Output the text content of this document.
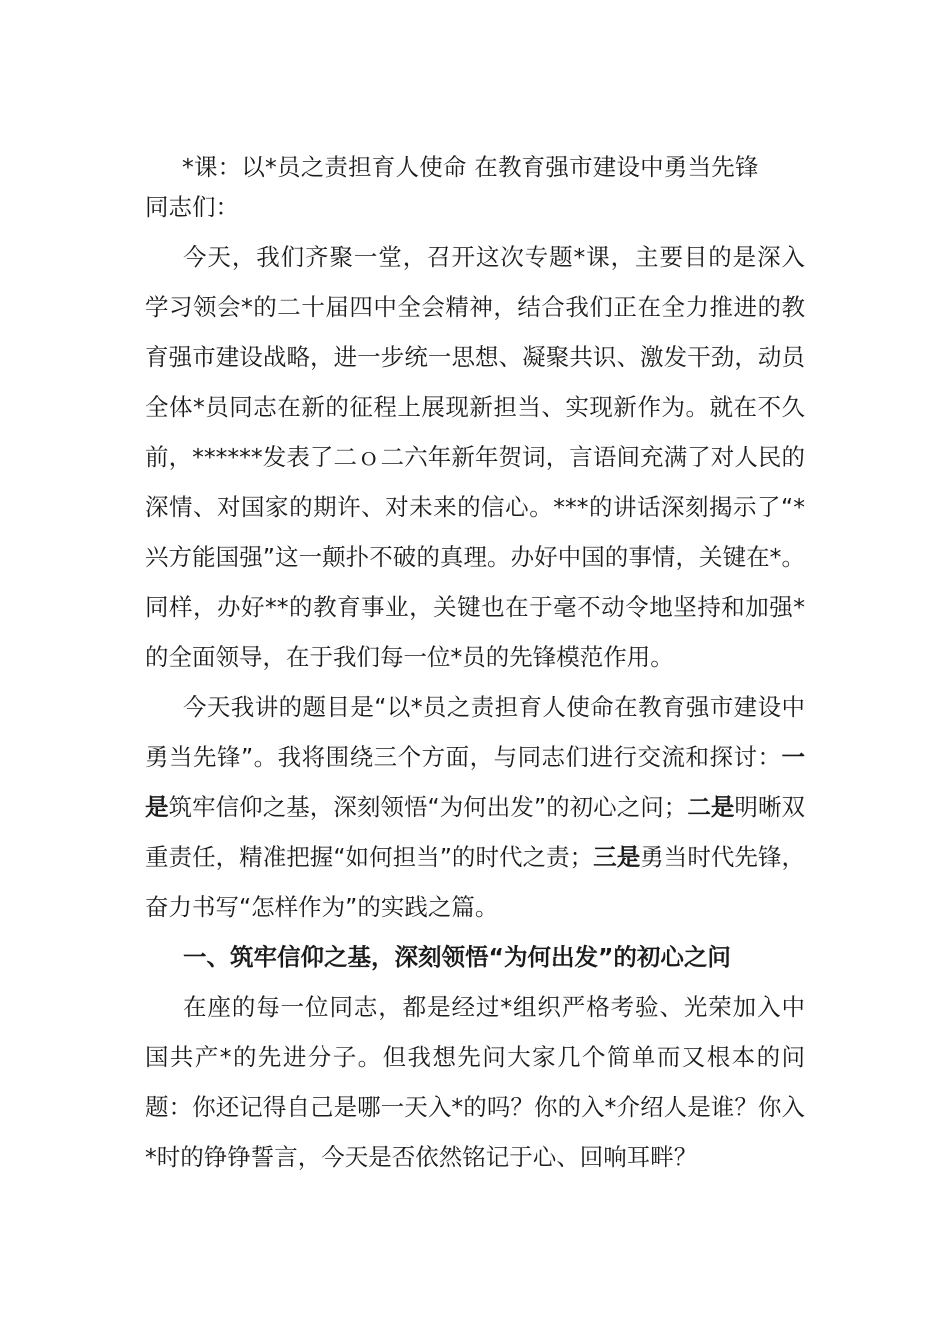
*课：以*员之责担育人使命 在教育强市建设中勇当先锋

同志们：

今天，我们齐聚一堂，召开这次专题*课，主要目的是深入学习领会*的二十届四中全会精神，结合我们正在全力推进的教育强市建设战略，进一步统一思想、凝聚共识、激发干劲，动员全体*员同志在新的征程上展现新担当、实现新作为。就在不久前，******发表了二ｏ二六年新年贺词，言语间充满了对人民的深情、对国家的期许、对未来的信心。***的讲话深刻揭示了“*兴方能国强”这一颠扑不破的真理。办好中国的事情，关键在*。同样，办好**的教育事业，关键也在于毫不动令地坚持和加强*的全面领导，在于我们每一位*员的先锋模范作用。

今天我讲的题目是“以*员之责担育人使命在教育强市建设中勇当先锋”。我将围绕三个方面，与同志们进行交流和探讨：一是筑牢信仰之基，深刻领悟“为何出发”的初心之问；二是明晰双重责任，精准把握“如何担当”的时代之责；三是勇当时代先锋，奋力书写“怎样作为”的实践之篇。

一、筑牢信仰之基，深刻领悟“为何出发”的初心之问

在座的每一位同志，都是经过*组织严格考验、光荣加入中国共产*的先进分子。但我想先问大家几个简单而又根本的问题：你还记得自己是哪一天入*的吗？你的入*介绍人是谁？你入*时的铮铮誓言，今天是否依然铭记于心、回响耳畔？
